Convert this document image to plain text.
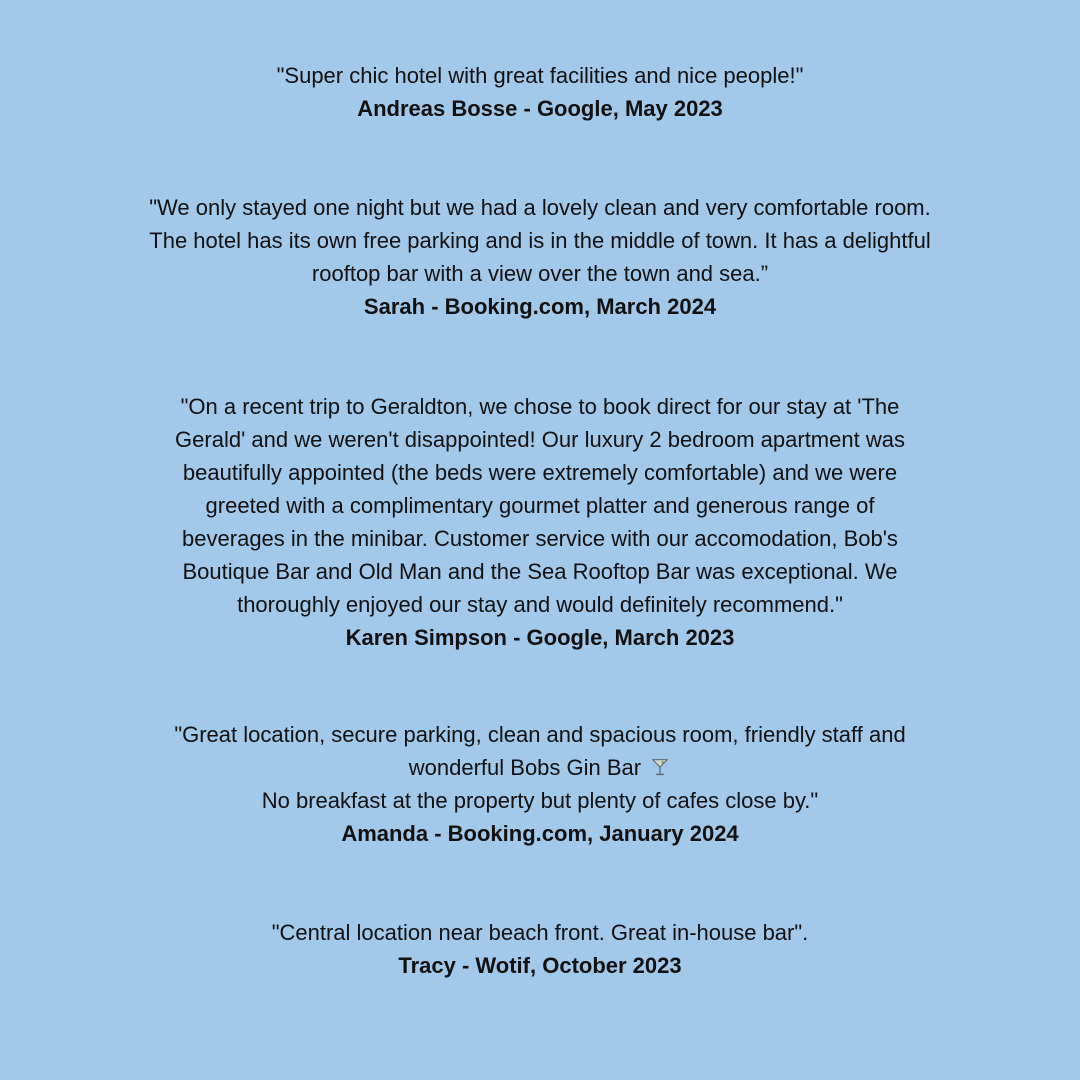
"Super chic hotel with great facilities and nice people!"
Andreas Bosse - Google, May 2023
"We only stayed one night but we had a lovely clean and very comfortable room.
The hotel has its own free parking and is in the middle of town. It has a delightful
rooftop bar with a view over the town and sea.”
Sarah - Booking.com, March 2024
"On a recent trip to Geraldton, we chose to book direct for our stay at 'The
Gerald' and we weren't disappointed! Our luxury 2 bedroom apartment was
beautifully appointed (the beds were extremely comfortable) and we were
greeted with a complimentary gourmet platter and generous range of
beverages in the minibar. Customer service with our accomodation, Bob's
Boutique Bar and Old Man and the Sea Rooftop Bar was exceptional. We
thoroughly enjoyed our stay and would definitely recommend."
Karen Simpson - Google, March 2023
"Great location, secure parking, clean and spacious room, friendly staff and
wonderful Bobs Gin Bar
No breakfast at the property but plenty of cafes close by."
Amanda - Booking.com, January 2024
"Central location near beach front. Great in-house bar".
Tracy - Wotif, October 2023
